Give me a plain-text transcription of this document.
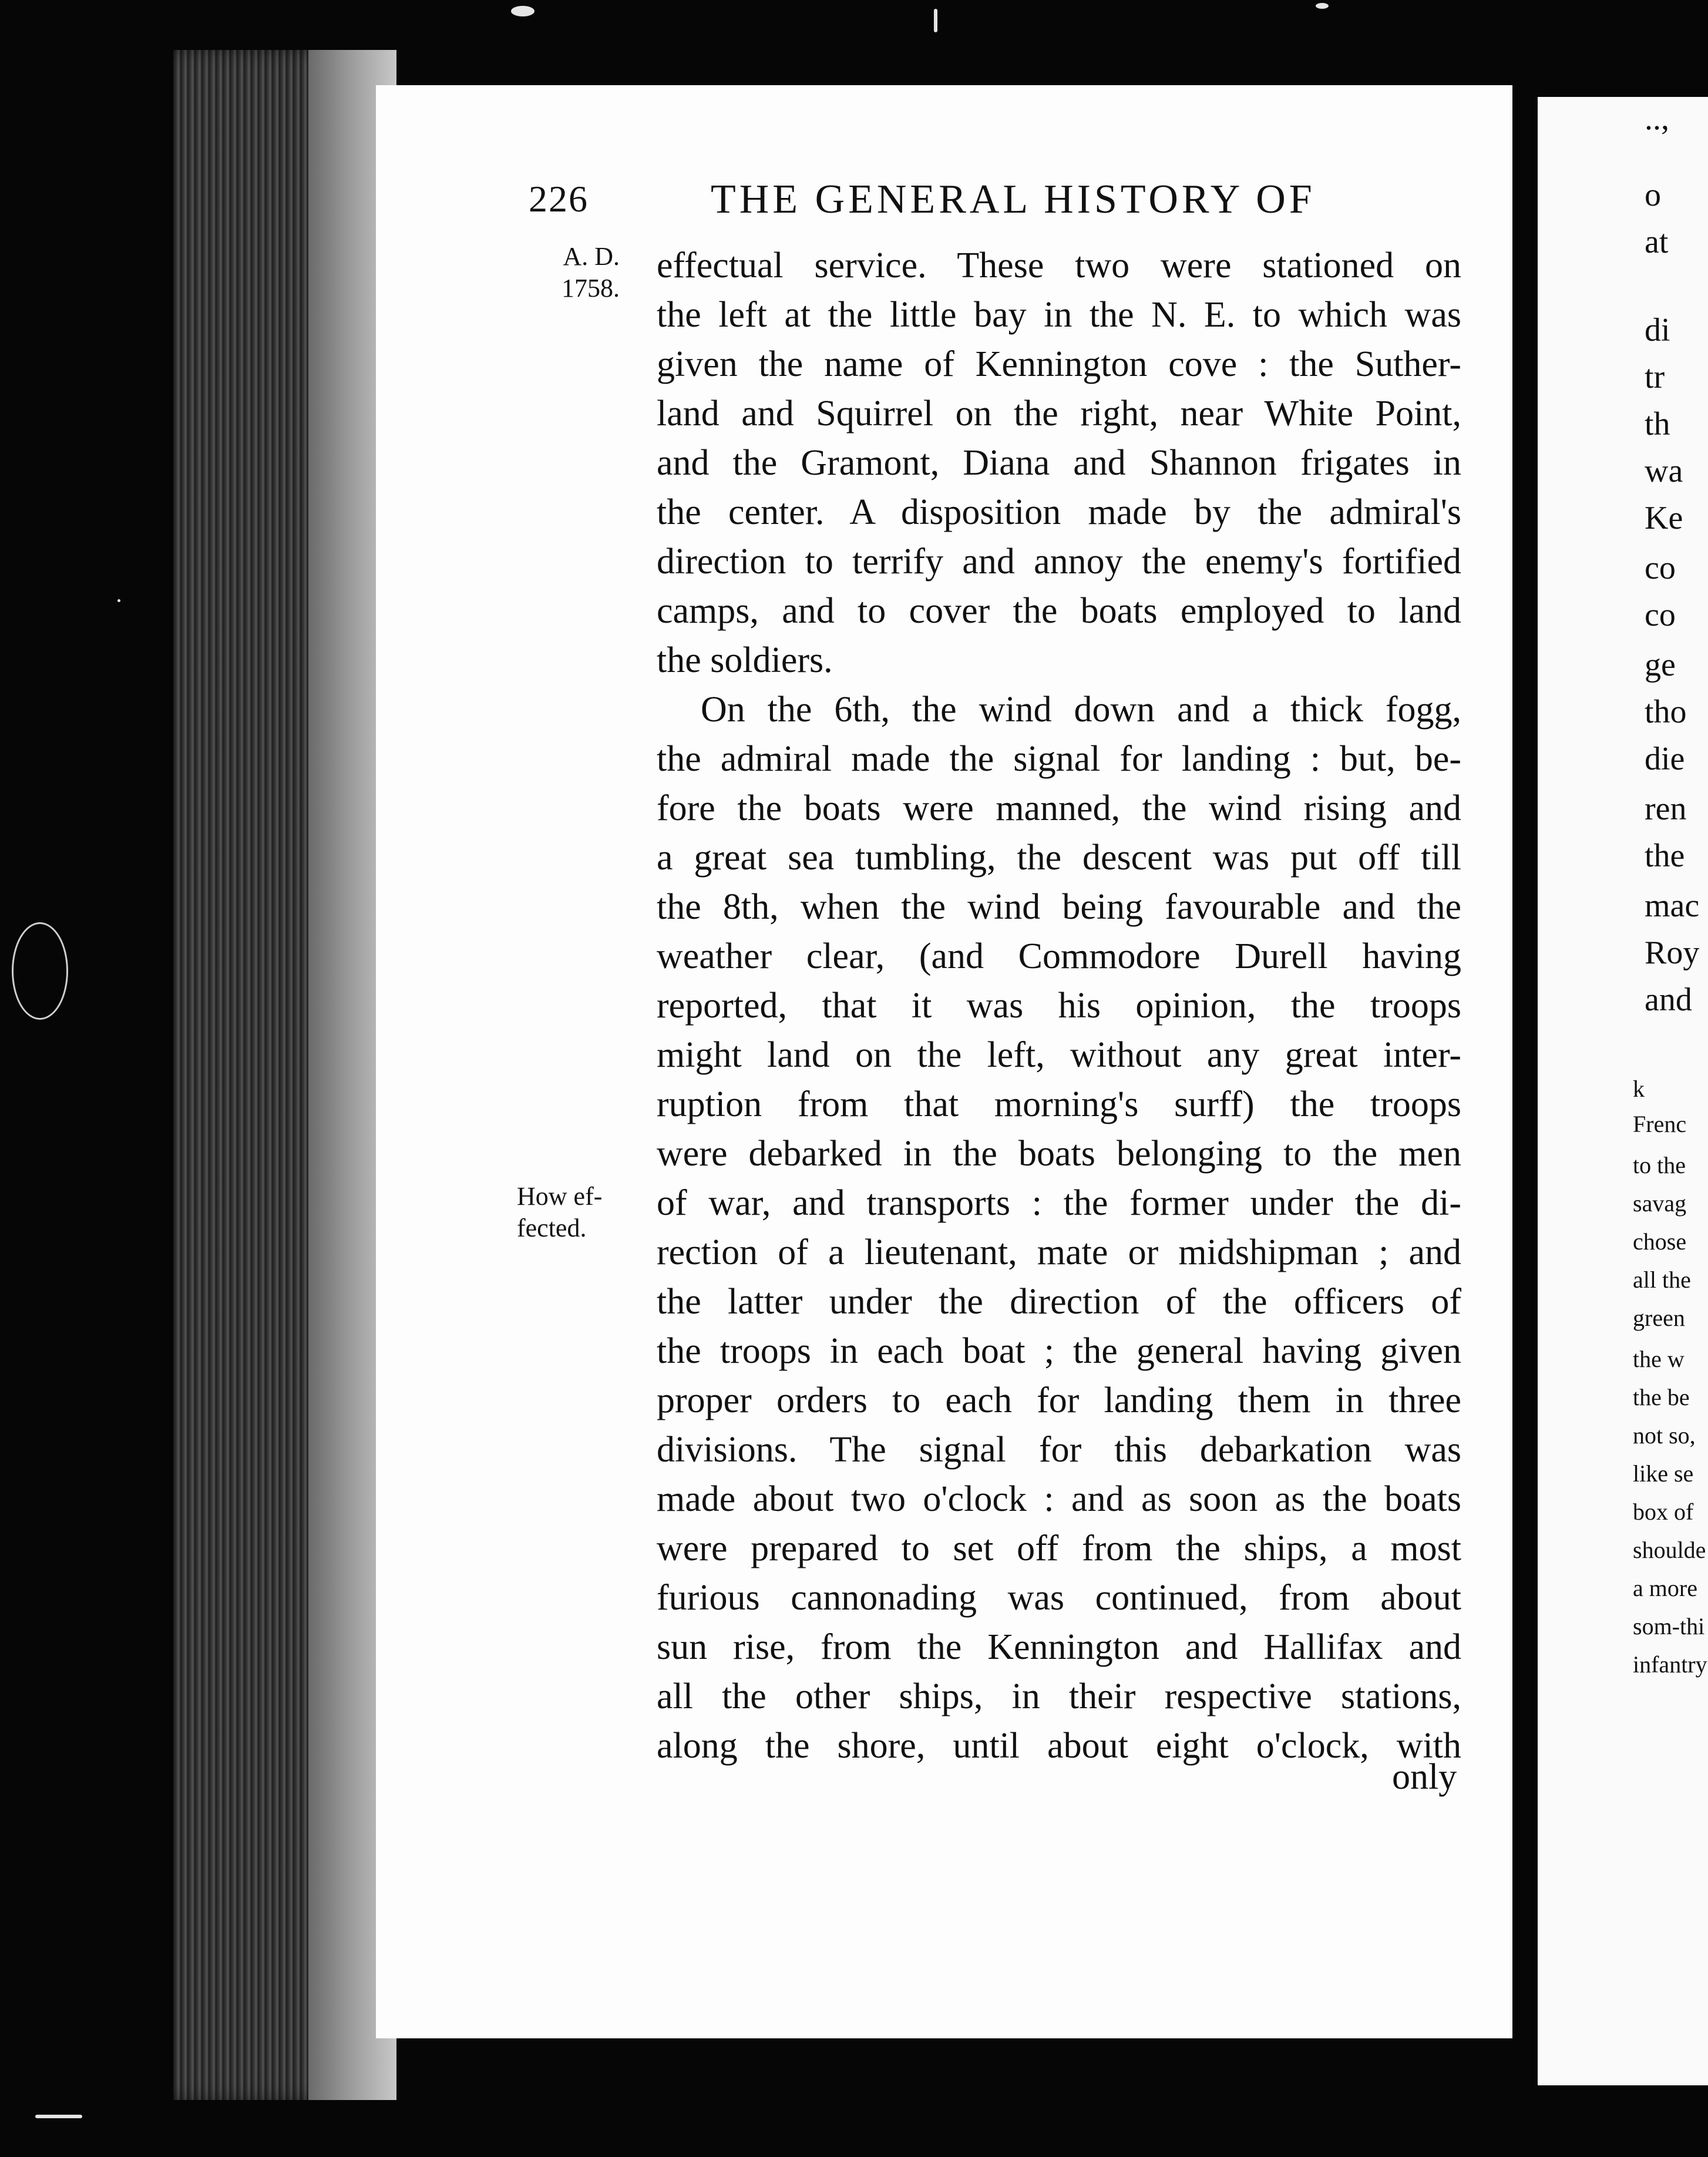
226	THE GENERAL HISTORY OF
A. D.
1758.
How ef-
fected.
effectual service. These two were stationed on
the left at the little bay in the N. E. to which was
given the name of Kennington cove : the Suther-
land and Squirrel on the right, near White Point,
and the Gramont, Diana and Shannon frigates in
the center. A disposition made by the admiral's
direction to terrify and annoy the enemy's fortified
camps, and to cover the boats employed to land
the soldiers.
On the 6th, the wind down and a thick fogg,
the admiral made the signal for landing : but, be-
fore the boats were manned, the wind rising and
a great sea tumbling, the descent was put off till
the 8th, when the wind being favourable and the
weather clear, (and Commodore Durell having
reported, that it was his opinion, the troops
might land on the left, without any great inter-
ruption from that morning's surff) the troops
were debarked in the boats belonging to the men
of war, and transports : the former under the di-
rection of a lieutenant, mate or midshipman ; and
the latter under the direction of the officers of
the troops in each boat ; the general having given
proper orders to each for landing them in three
divisions. The signal for this debarkation was
made about two o'clock : and as soon as the boats
were prepared to set off from the ships, a most
furious cannonading was continued, from about
sun rise, from the Kennington and Hallifax and
all the other ships, in their respective stations,
along the shore, until about eight o'clock, with
only
..,
o
at
di
tr
th
wa
Ke
co
co
ge
tho
die
ren
the
mac
Roy
and
k
Frenc
to the
savag
chose
all the
green
the w
the be
not so,
like se
box of
shoulde
a more
som-thi
infantry
